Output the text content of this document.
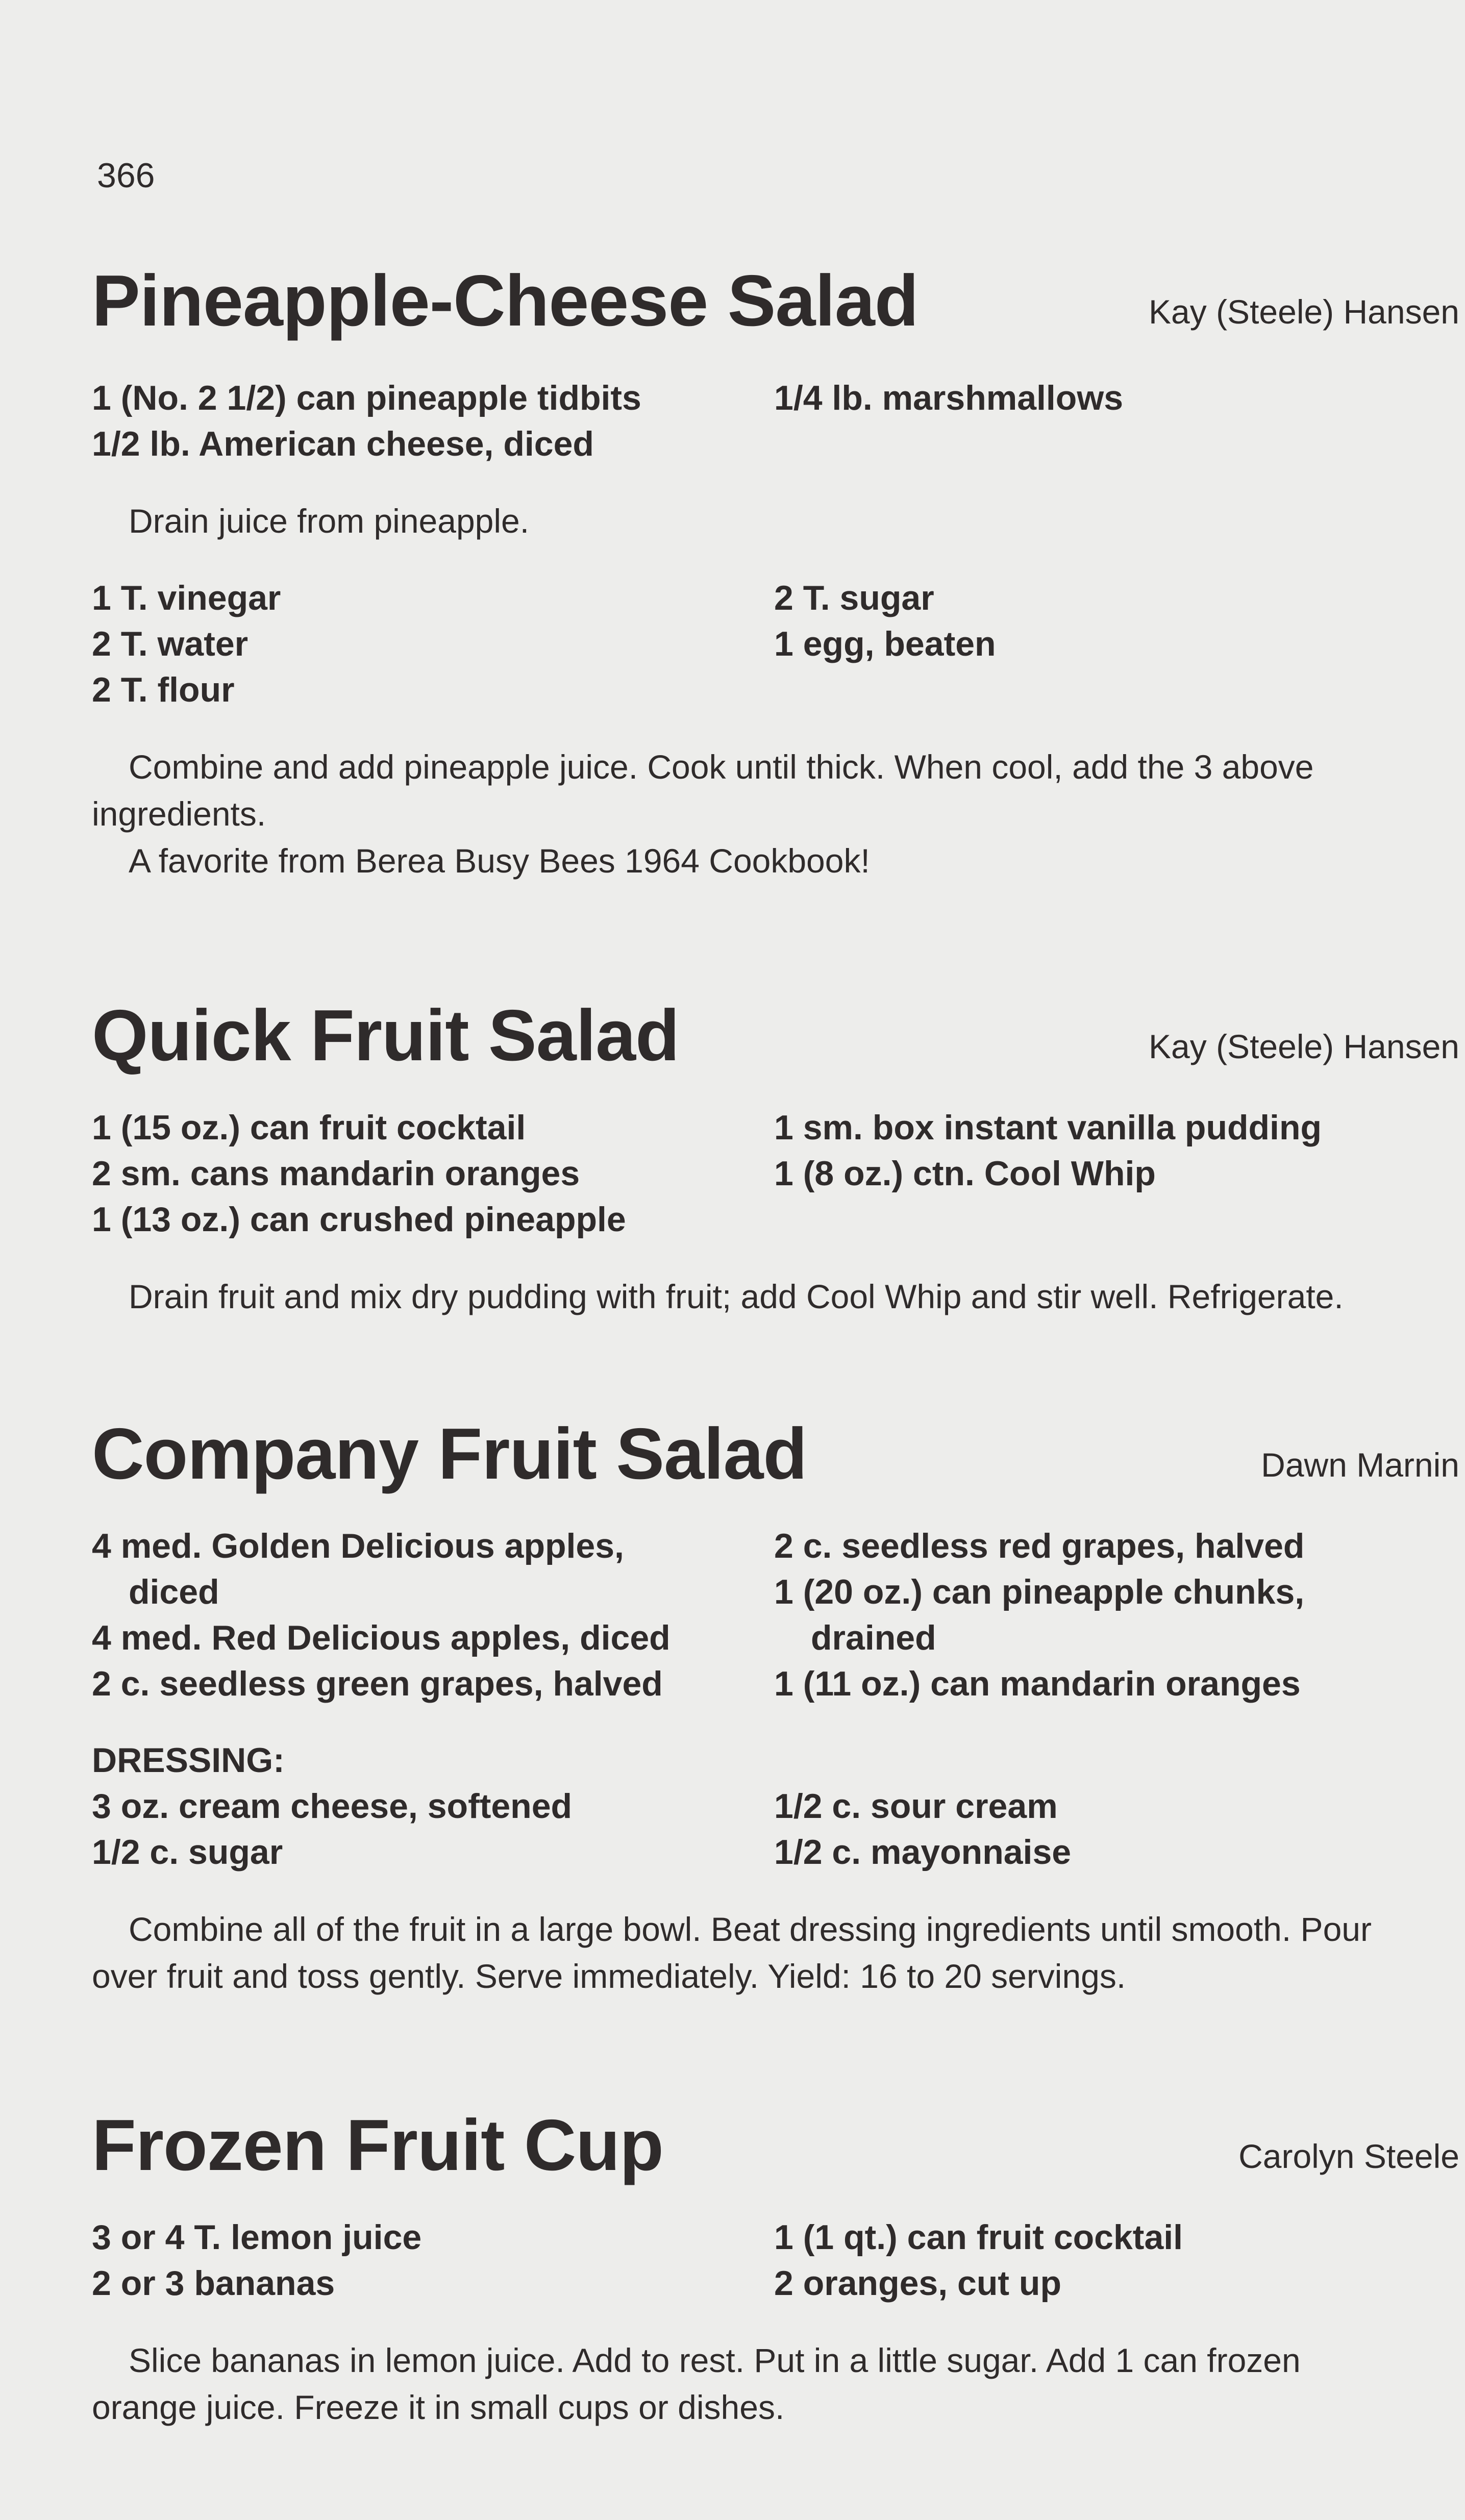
366
Pineapple-Cheese Salad	Kay (Steele) Hansen
1 (No. 2 1/2) can pineapple tidbits
1/2 lb. American cheese, diced
1/4 lb. marshmallows

Drain juice from pineapple.

1 T. vinegar
2 T. water
2 T. flour
2 T. sugar
1 egg, beaten

Combine and add pineapple juice. Cook until thick. When cool, add the 3 above

ingredients.

A favorite from Berea Busy Bees 1964 Cookbook!
Quick Fruit Salad	Kay (Steele) Hansen
1 (15 oz.) can fruit cocktail
2 sm. cans mandarin oranges
1 (13 oz.) can crushed pineapple
1 sm. box instant vanilla pudding
1 (8 oz.) ctn. Cool Whip

Drain fruit and mix dry pudding with fruit; add Cool Whip and stir well. Refrigerate.

Company Fruit Salad	Dawn Marnin
4 med. Golden Delicious apples,
diced
4 med. Red Delicious apples, diced
2 c. seedless green grapes, halved
2 c. seedless red grapes, halved
1 (20 oz.) can pineapple chunks,
drained
1 (11 oz.) can mandarin oranges
DRESSING:
3 oz. cream cheese, softened
1/2 c. sugar
1/2 c. sour cream
1/2 c. mayonnaise

Combine all of the fruit in a large bowl. Beat dressing ingredients until smooth. Pour

over fruit and toss gently. Serve immediately. Yield: 16 to 20 servings.

Frozen Fruit Cup	Carolyn Steele
3 or 4 T. lemon juice
2 or 3 bananas
1 (1 qt.) can fruit cocktail
2 oranges, cut up

Slice bananas in lemon juice. Add to rest. Put in a little sugar. Add 1 can frozen

orange juice. Freeze it in small cups or dishes.
